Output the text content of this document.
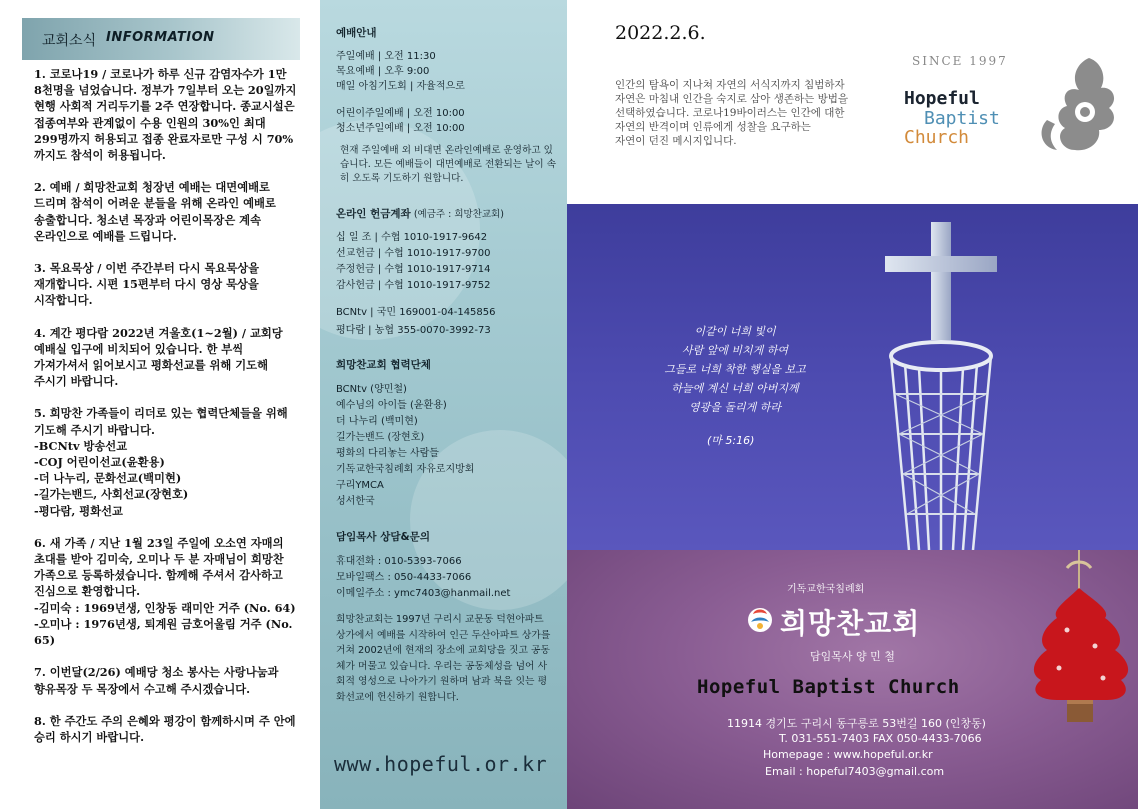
교회소식 INFORMATION

1. 코로나19 / 코로나가 하루 신규 감염자수가 1만 8천명을 넘었습니다. 정부가 7일부터 오는 20일까지 현행 사회적 거리두기를 2주 연장합니다. 종교시설은 접종여부와 관계없이 수용 인원의 30%인 최대 299명까지 허용되고 접종 완료자로만 구성 시 70%까지도 참석이 허용됩니다.

2. 예배 / 희망찬교회 청장년 예배는 대면예배로 드리며 참석이 어려운 분들을 위해 온라인 예배로 송출합니다. 청소년 목장과 어린이목장은 계속 온라인으로 예배를 드립니다.

3. 목요묵상 / 이번 주간부터 다시 목요묵상을 재개합니다. 시편 15편부터 다시 영상 묵상을 시작합니다.

4. 계간 평다람 2022년 겨울호(1~2월) / 교회당 예배실 입구에 비치되어 있습니다. 한 부씩 가져가셔서 읽어보시고 평화선교를 위해 기도해 주시기 바랍니다.

5. 희망찬 가족들이 리더로 있는 협력단체들을 위해 기도해 주시기 바랍니다.
-BCNtv 방송선교
-COJ 어린이선교(윤환용)
-더 나누리, 문화선교(백미현)
-길가는밴드, 사회선교(장현호)
-평다람, 평화선교

6. 새 가족 / 지난 1월 23일 주일에 오소연 자매의 초대를 받아 김미숙, 오미나 두 분 자매님이 희망찬 가족으로 등록하셨습니다. 함께해 주셔서 감사하고 진심으로 환영합니다.
-김미숙 : 1969년생, 인창동 래미안 거주 (No. 64)
-오미나 : 1976년생, 퇴계원 금호어울림 거주 (No. 65)

7. 이번달(2/26) 예배당 청소 봉사는 사랑나눔과 향유목장 두 목장에서 수고해 주시겠습니다.

8. 한 주간도 주의 은혜와 평강이 함께하시며 주 안에 승리 하시기 바랍니다.

예배안내
주일예배 | 오전 11:30
목요예배 | 오후 9:00
매일 아침기도회 | 자율적으로
어린이주일예배 | 오전 10:00
청소년주일예배 | 오전 10:00
현재 주일예배 외 비대면 온라인예배로 운영하고 있습니다. 모든 예배들이 대면예배로 전환되는 날이 속히 오도록 기도하기 원합니다.
온라인 헌금계좌 (예금주 : 희망찬교회)
십 일 조 | 수협 1010-1917-9642
선교헌금 | 수협 1010-1917-9700
주정헌금 | 수협 1010-1917-9714
감사헌금 | 수협 1010-1917-9752
BCNtv | 국민 169001-04-145856
평다람 | 농협 355-0070-3992-73
희망찬교회 협력단체
BCNtv (양민철)
예수님의 아이들 (윤환용)
더 나누리 (백미현)
길가는밴드 (장현호)
평화의 다리놓는 사람들
기독교한국침례회 자유로지방회
구리YMCA
성서한국
담임목사 상담&문의
휴대전화 : 010-5393-7066
모바일팩스 : 050-4433-7066
이메일주소 : ymc7403@hanmail.net
희망찬교회는 1997년 구리시 교문동 덕현아파트 상가에서 예배를 시작하여 인근 두산아파트 상가를 거쳐 2002년에 현재의 장소에 교회당을 짓고 공동체가 머물고 있습니다. 우리는 공동체성을 넘어 사회적 영성으로 나아가기 원하며 남과 북을 잇는 평화선교에 헌신하기 원합니다.
www.hopeful.or.kr
2022.2.6.
인간의 탐욕이 지나쳐 자연의 서식지까지 침범하자
자연은 마침내 인간을 숙지로 삼아 생존하는 방법을
선택하였습니다. 코로나19바이러스는 인간에 대한
자연의 반격이며 인류에게 성찰을 요구하는
자연이 던진 메시지입니다.
SINCE 1997
Hopeful
Baptist
Church
이같이 너희 빛이
사람 앞에 비치게 하여
그들로 너희 착한 행실을 보고
하늘에 계신 너희 아버지께
영광을 돌리게 하라
(마 5:16)
기독교한국침례회
희망찬교회
담임목사 양 민 철
Hopeful Baptist Church
11914 경기도 구리시 동구릉로 53번길 160 (인창동)
T. 031-551-7403 FAX 050-4433-7066
Homepage : www.hopeful.or.kr
Email : hopeful7403@gmail.com
